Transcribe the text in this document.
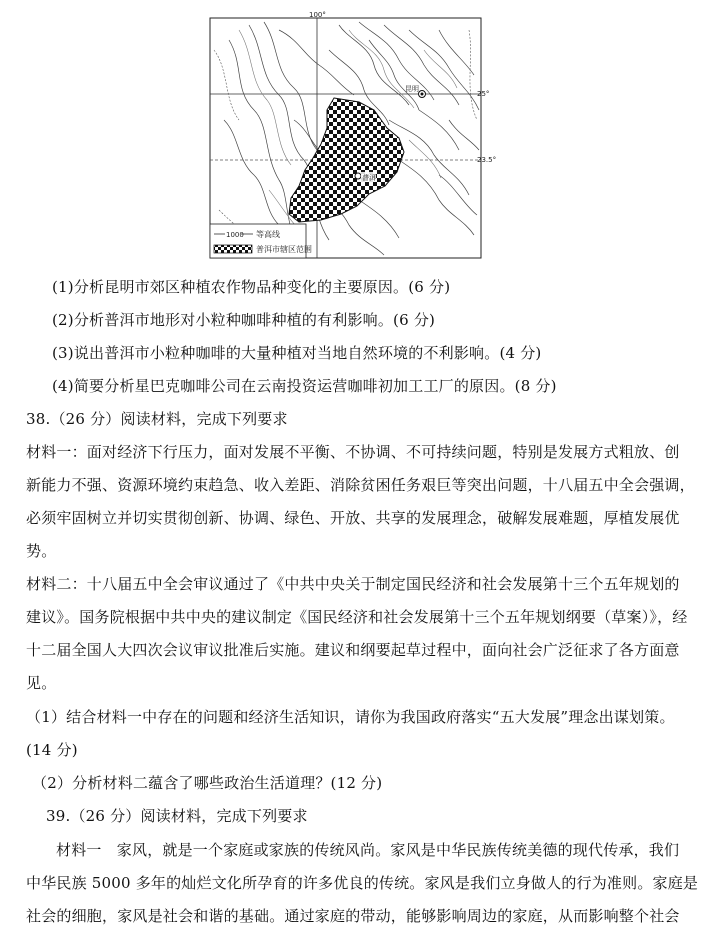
100°
25°
23.5°
昆明
普洱
1000 等高线
普洱市辖区范围
(1)分析昆明市郊区种植农作物品种变化的主要原因。(6 分)
(2)分析普洱市地形对小粒种咖啡种植的有利影响。(6 分)
(3)说出普洱市小粒种咖啡的大量种植对当地自然环境的不利影响。(4 分)
(4)简要分析星巴克咖啡公司在云南投资运营咖啡初加工工厂的原因。(8 分)
38.（26 分）阅读材料，完成下列要求
材料一：面对经济下行压力，面对发展不平衡、不协调、不可持续问题，特别是发展方式粗放、创
新能力不强、资源环境约束趋急、收入差距、消除贫困任务艰巨等突出问题，十八届五中全会强调，
必须牢固树立并切实贯彻创新、协调、绿色、开放、共享的发展理念，破解发展难题，厚植发展优
势。
材料二：十八届五中全会审议通过了《中共中央关于制定国民经济和社会发展第十三个五年规划的
建议》。国务院根据中共中央的建议制定《国民经济和社会发展第十三个五年规划纲要（草案）》，经
十二届全国人大四次会议审议批准后实施。建议和纲要起草过程中，面向社会广泛征求了各方面意
见。
（1）结合材料一中存在的问题和经济生活知识，请你为我国政府落实“五大发展”理念出谋划策。
(14 分)
（2）分析材料二蕴含了哪些政治生活道理？(12 分)
39.（26 分）阅读材料，完成下列要求
材料一　家风，就是一个家庭或家族的传统风尚。家风是中华民族传统美德的现代传承，我们
中华民族 5000 多年的灿烂文化所孕育的许多优良的传统。家风是我们立身做人的行为准则。家庭是
社会的细胞，家风是社会和谐的基础。通过家庭的带动，能够影响周边的家庭，从而影响整个社会
